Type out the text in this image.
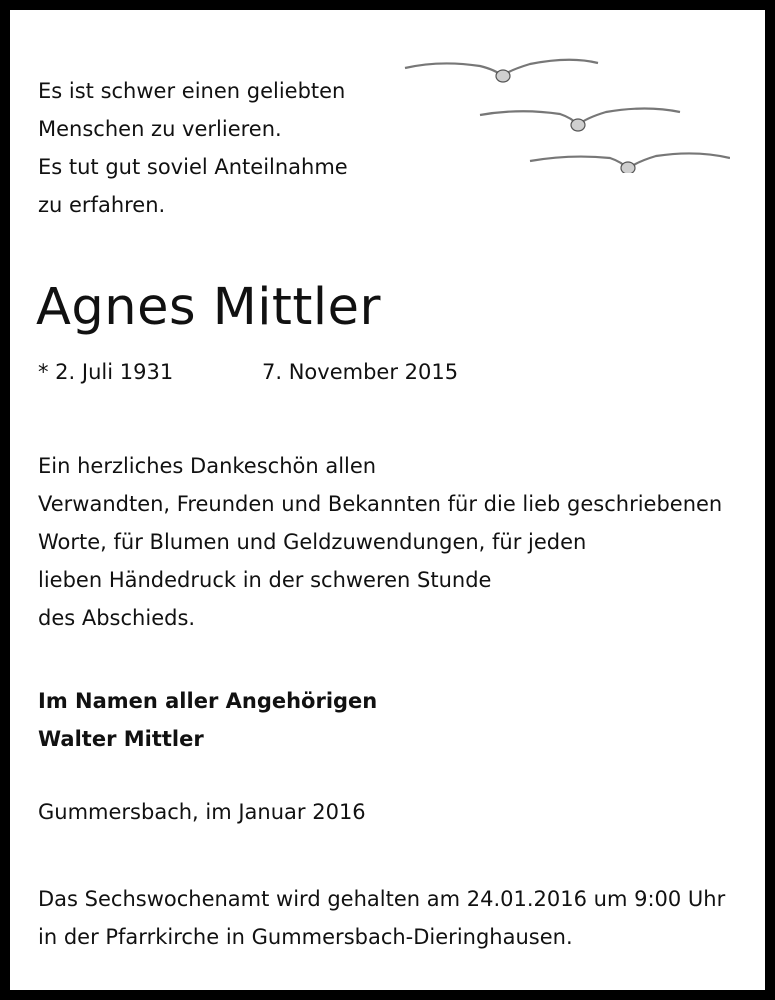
Es ist schwer einen geliebten
Menschen zu verlieren.
Es tut gut soviel Anteilnahme
zu erfahren.
Agnes Mittler
* 2. Juli 1931	7. November 2015
Ein herzliches Dankeschön allen
Verwandten, Freunden und Bekannten für die lieb geschriebenen
Worte, für Blumen und Geldzuwendungen, für jeden
lieben Händedruck in der schweren Stunde
des Abschieds.
Im Namen aller Angehörigen
Walter Mittler
Gummersbach, im Januar 2016
Das Sechswochenamt wird gehalten am 24.01.2016 um 9:00 Uhr
in der Pfarrkirche in Gummersbach-Dieringhausen.
